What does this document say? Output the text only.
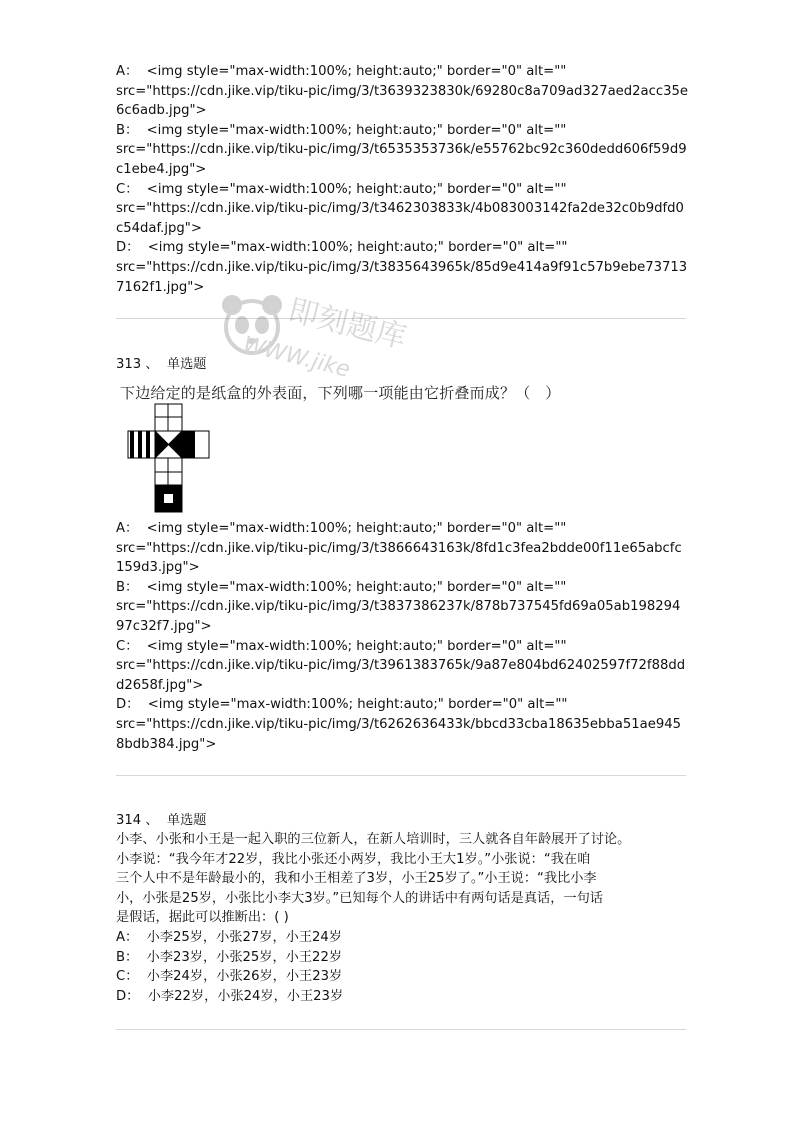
A：  <img style="max-width:100%; height:auto;" border="0" alt=""
src="https://cdn.jike.vip/tiku-pic/img/3/t3639323830k/69280c8a709ad327aed2acc35e
6c6adb.jpg">
B：  <img style="max-width:100%; height:auto;" border="0" alt=""
src="https://cdn.jike.vip/tiku-pic/img/3/t6535353736k/e55762bc92c360dedd606f59d9
c1ebe4.jpg">
C：  <img style="max-width:100%; height:auto;" border="0" alt=""
src="https://cdn.jike.vip/tiku-pic/img/3/t3462303833k/4b083003142fa2de32c0b9dfd0
c54daf.jpg">
D：  <img style="max-width:100%; height:auto;" border="0" alt=""
src="https://cdn.jike.vip/tiku-pic/img/3/t3835643965k/85d9e414a9f91c57b9ebe73713
7162f1.jpg">
即刻题库
WWW.jike
313 、  单选题
下边给定的是纸盒的外表面，下列哪一项能由它折叠而成？（   ）
A：  <img style="max-width:100%; height:auto;" border="0" alt=""
src="https://cdn.jike.vip/tiku-pic/img/3/t3866643163k/8fd1c3fea2bdde00f11e65abcfc
159d3.jpg">
B：  <img style="max-width:100%; height:auto;" border="0" alt=""
src="https://cdn.jike.vip/tiku-pic/img/3/t3837386237k/878b737545fd69a05ab198294
97c32f7.jpg">
C：  <img style="max-width:100%; height:auto;" border="0" alt=""
src="https://cdn.jike.vip/tiku-pic/img/3/t3961383765k/9a87e804bd62402597f72f88dd
d2658f.jpg">
D：  <img style="max-width:100%; height:auto;" border="0" alt=""
src="https://cdn.jike.vip/tiku-pic/img/3/t6262636433k/bbcd33cba18635ebba51ae945
8bdb384.jpg">
314 、  单选题
小李、小张和小王是一起入职的三位新人，在新人培训时，三人就各自年龄展开了讨论。
小李说：“我今年才22岁，我比小张还小两岁，我比小王大1岁。”小张说：“我在咱
三个人中不是年龄最小的，我和小王相差了3岁，小王25岁了。”小王说：“我比小李
小，小张是25岁，小张比小李大3岁。”已知每个人的讲话中有两句话是真话，一句话
是假话，据此可以推断出：( )
A：  小李25岁，小张27岁，小王24岁
B：  小李23岁，小张25岁，小王22岁
C：  小李24岁，小张26岁，小王23岁
D：  小李22岁，小张24岁，小王23岁
